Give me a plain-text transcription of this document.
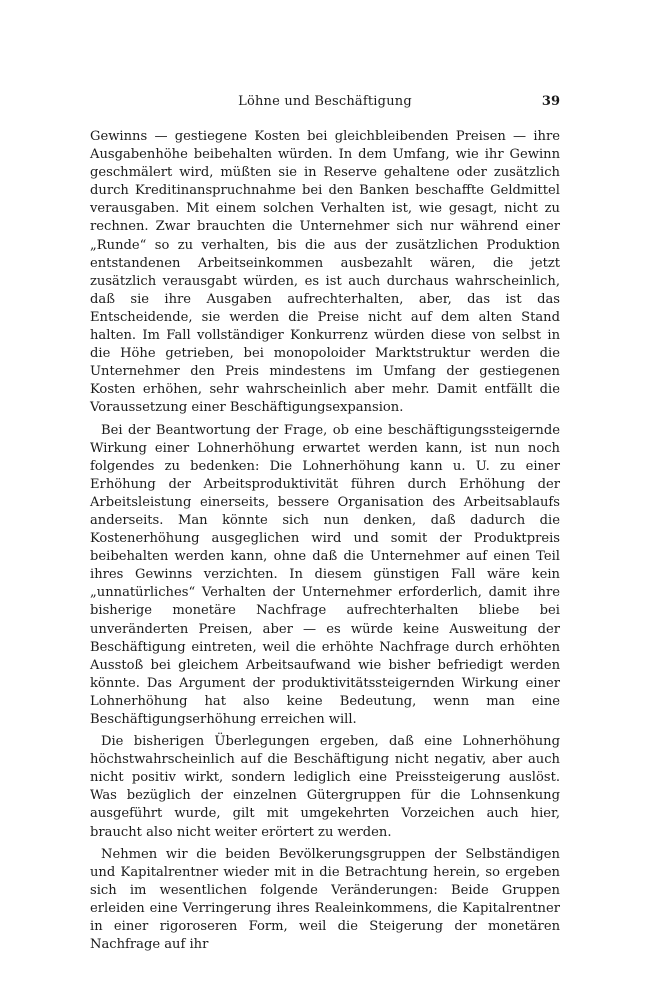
Löhne und Beschäftigung	39

Gewinns — gestiegene Kosten bei gleichbleibenden Preisen — ihre Ausgabenhöhe beibehalten würden. In dem Umfang, wie ihr Gewinn geschmälert wird, müßten sie in Reserve gehaltene oder zusätzlich durch Kreditinanspruchnahme bei den Banken beschaffte Geldmittel verausgaben. Mit einem solchen Verhalten ist, wie gesagt, nicht zu rechnen. Zwar brauchten die Unternehmer sich nur während einer „Runde“ so zu verhalten, bis die aus der zusätzlichen Produktion entstandenen Arbeitseinkommen ausbezahlt wären, die jetzt zusätzlich verausgabt würden, es ist auch durchaus wahrscheinlich, daß sie ihre Ausgaben aufrechterhalten, aber, das ist das Entscheidende, sie werden die Preise nicht auf dem alten Stand halten. Im Fall vollständiger Konkurrenz würden diese von selbst in die Höhe getrieben, bei monopoloider Marktstruktur werden die Unternehmer den Preis mindestens im Umfang der gestiegenen Kosten erhöhen, sehr wahrscheinlich aber mehr. Damit entfällt die Voraussetzung einer Beschäftigungsexpansion.

Bei der Beantwortung der Frage, ob eine beschäftigungssteigernde Wirkung einer Lohnerhöhung erwartet werden kann, ist nun noch folgendes zu bedenken: Die Lohnerhöhung kann u. U. zu einer Erhöhung der Arbeitsproduktivität führen durch Erhöhung der Arbeitsleistung einerseits, bessere Organisation des Arbeitsablaufs anderseits. Man könnte sich nun denken, daß dadurch die Kostenerhöhung ausgeglichen wird und somit der Produktpreis beibehalten werden kann, ohne daß die Unternehmer auf einen Teil ihres Gewinns verzichten. In diesem günstigen Fall wäre kein „unnatürliches“ Verhalten der Unternehmer erforderlich, damit ihre bisherige monetäre Nachfrage aufrechterhalten bliebe bei unveränderten Preisen, aber — es würde keine Ausweitung der Beschäftigung eintreten, weil die erhöhte Nachfrage durch erhöhten Ausstoß bei gleichem Arbeitsaufwand wie bisher befriedigt werden könnte. Das Argument der produktivitätssteigernden Wirkung einer Lohnerhöhung hat also keine Bedeutung, wenn man eine Beschäftigungserhöhung erreichen will.

Die bisherigen Überlegungen ergeben, daß eine Lohnerhöhung höchstwahrscheinlich auf die Beschäftigung nicht negativ, aber auch nicht positiv wirkt, sondern lediglich eine Preissteigerung auslöst. Was bezüglich der einzelnen Gütergruppen für die Lohnsenkung ausgeführt wurde, gilt mit umgekehrten Vorzeichen auch hier, braucht also nicht weiter erörtert zu werden.

Nehmen wir die beiden Bevölkerungsgruppen der Selbständigen und Kapitalrentner wieder mit in die Betrachtung herein, so ergeben sich im wesentlichen folgende Veränderungen: Beide Gruppen erleiden eine Verringerung ihres Realeinkommens, die Kapitalrentner in einer rigoroseren Form, weil die Steigerung der monetären Nachfrage auf ihr
